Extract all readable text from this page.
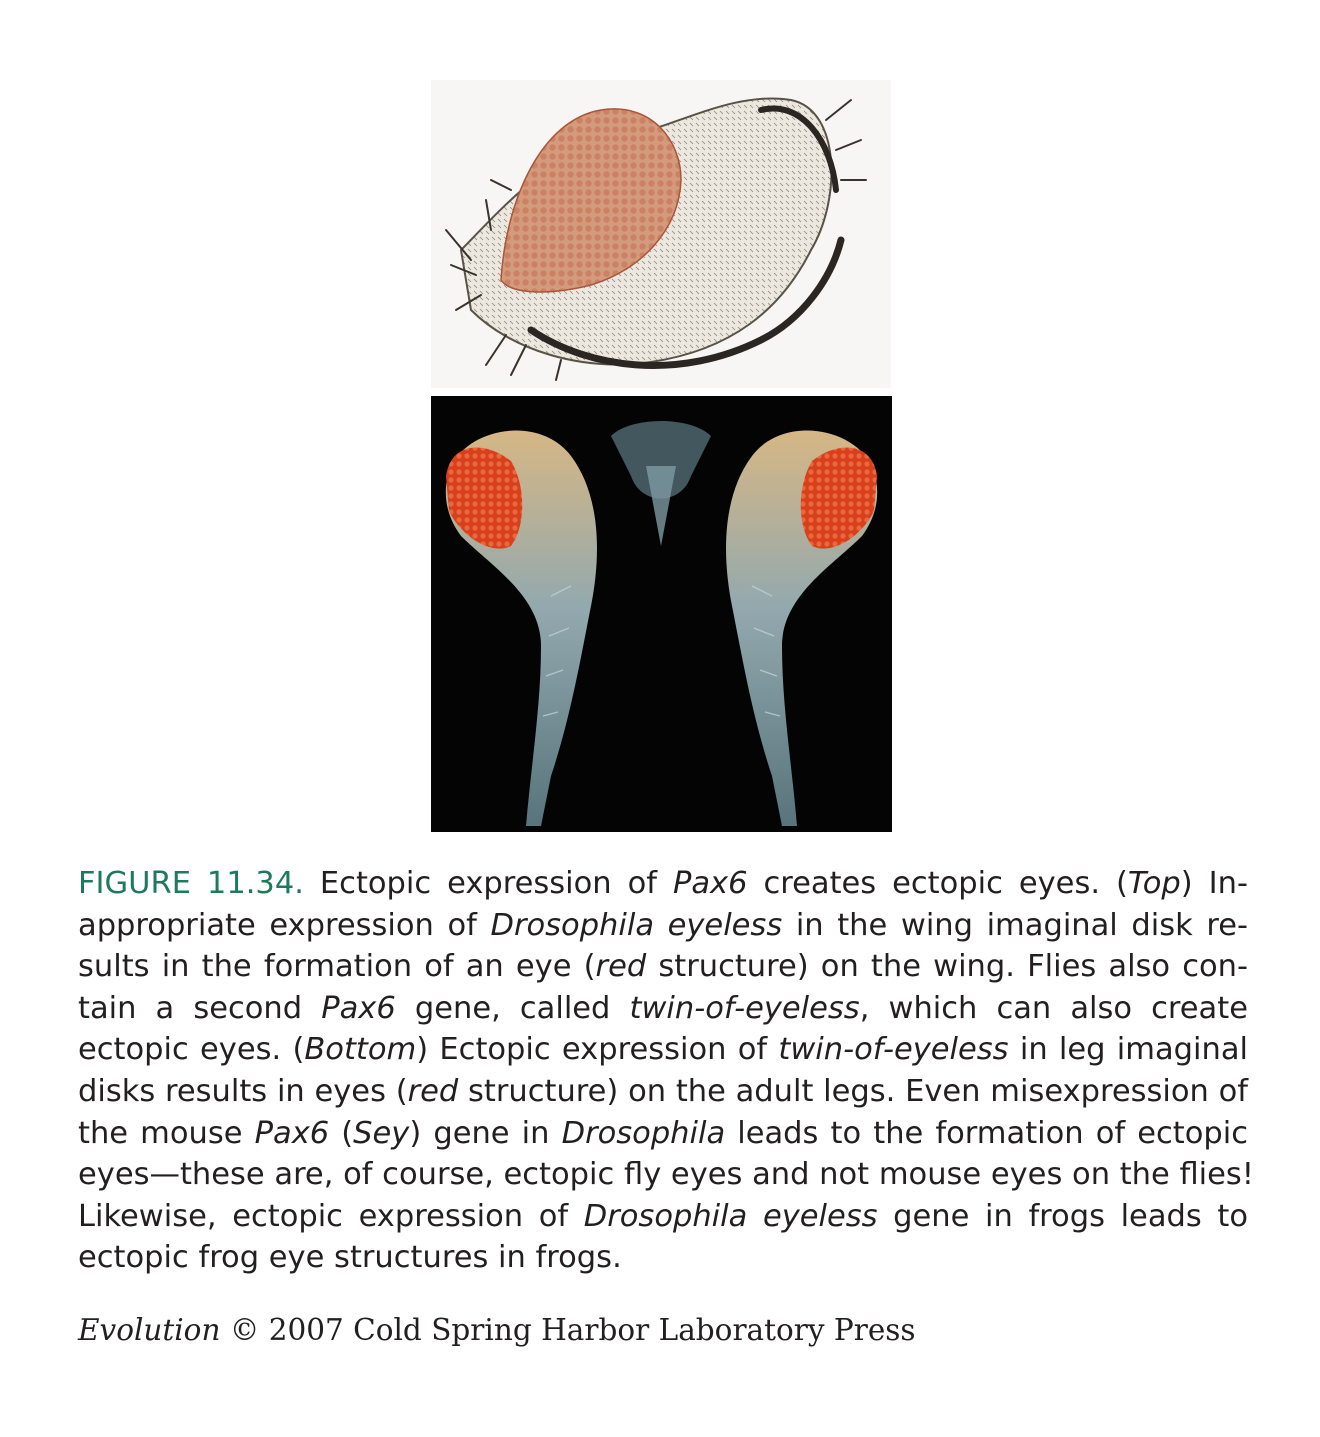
FIGURE 11.34. Ectopic expression of Pax6 creates ectopic eyes. (Top) In-
appropriate expression of Drosophila eyeless in the wing imaginal disk re-
sults in the formation of an eye (red structure) on the wing. Flies also con-
tain a second Pax6 gene, called twin-of-eyeless, which can also create
ectopic eyes. (Bottom) Ectopic expression of twin-of-eyeless in leg imaginal
disks results in eyes (red structure) on the adult legs. Even misexpression of
the mouse Pax6 (Sey) gene in Drosophila leads to the formation of ectopic
eyes—these are, of course, ectopic fly eyes and not mouse eyes on the flies!
Likewise, ectopic expression of Drosophila eyeless gene in frogs leads to
ectopic frog eye structures in frogs.
Evolution © 2007 Cold Spring Harbor Laboratory Press
